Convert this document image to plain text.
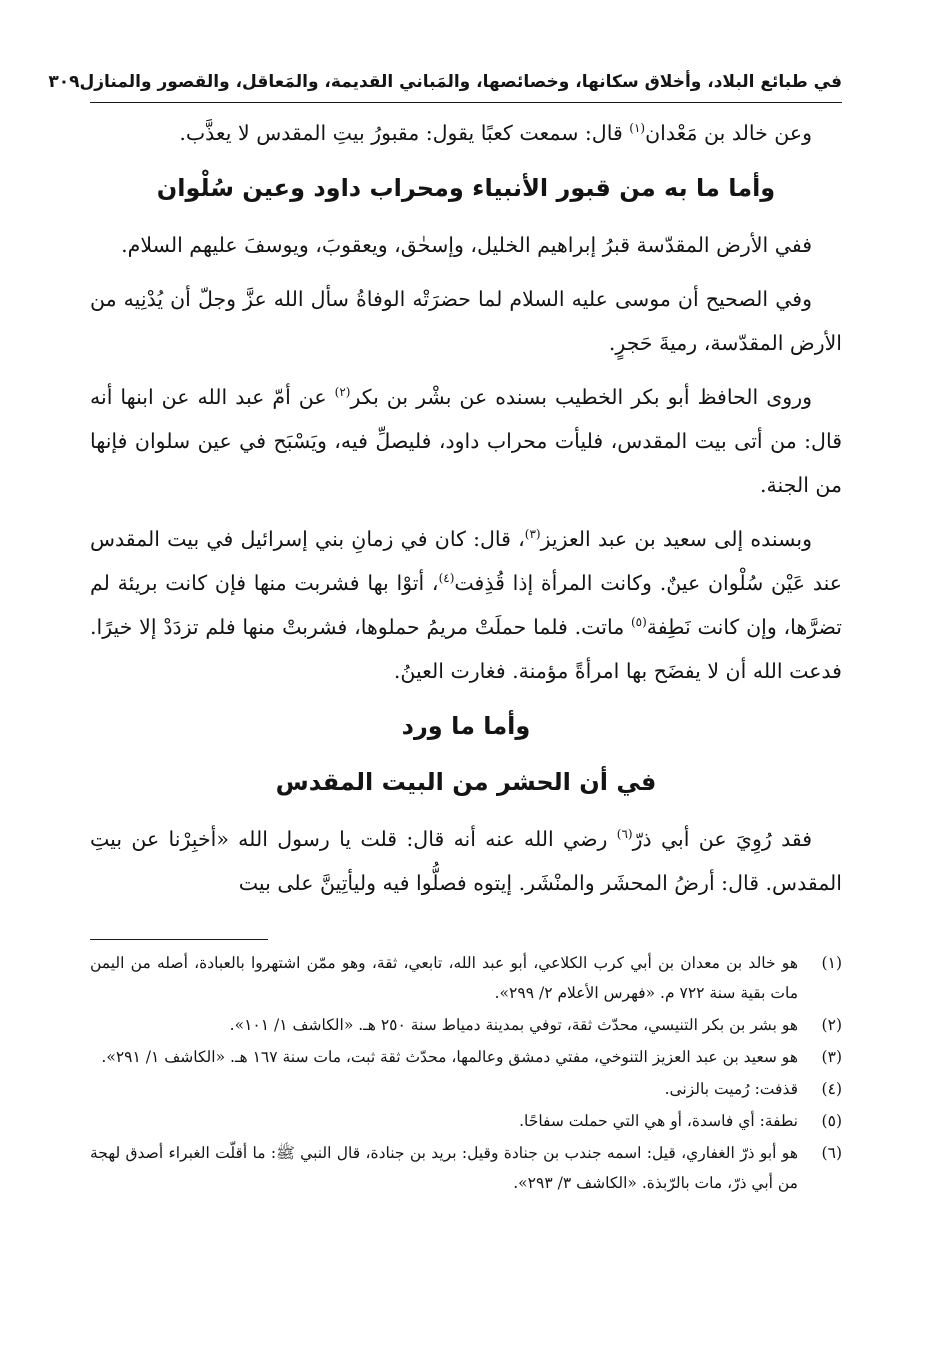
في طبائع البلاد، وأخلاق سكانها، وخصائصها، والمَباني القديمة، والمَعاقل، والقصور والمنازل
٣٠٩

وعن خالد بن مَعْدان$^{(١)}$ قال: سمعت كعبًا يقول: مقبورُ بيتِ المقدس لا يعذَّب.

وأما ما به من قبور الأنبياء ومحراب داود وعين سُلْوان

ففي الأرض المقدّسة قبرُ إبراهيم الخليل، وإسحٰق، ويعقوبَ، ويوسفَ عليهم السلام.

وفي الصحيح أن موسى عليه السلام لما حضرَتْه الوفاةُ سأل الله عزَّ وجلّ أن يُدْنِيه من الأرض المقدّسة، رميةَ حَجرٍ.

وروى الحافظ أبو بكر الخطيب بسنده عن بشْر بن بكر$^{(٢)}$ عن أمّ عبد الله عن ابنها أنه قال: من أتى بيت المقدس، فليأت محراب داود، فليصلِّ فيه، ويَسْبَح في عين سلوان فإنها من الجنة.

وبسنده إلى سعيد بن عبد العزيز$^{(٣)}$، قال: كان في زمانِ بني إسرائيل في بيت المقدس عند عَيْن سُلْوان عينٌ. وكانت المرأة إذا قُذِفت$^{(٤)}$، أتوْا بها فشربت منها فإن كانت بريئة لم تضرَّها، وإن كانت نَطِفة$^{(٥)}$ ماتت. فلما حملَتْ مريمُ حملوها، فشربتْ منها فلم تزدَدْ إلا خيرًا. فدعت الله أن لا يفضَح بها امرأةً مؤمنة. فغارت العينُ.

وأما ما ورد
في أن الحشر من البيت المقدس

فقد رُوِيَ عن أبي ذرّ$^{(٦)}$ رضي الله عنه أنه قال: قلت يا رسول الله «أخبِرْنا عن بيتِ المقدس. قال: أرضُ المحشَر والمنْشَر. إيتوه فصلُّوا فيه وليأتِينَّ على بيت

(١)
هو خالد بن معدان بن أبي كرب الكلاعي، أبو عبد الله، تابعي، ثقة، وهو ممّن اشتهروا بالعبادة، أصله من اليمن مات بقية سنة ٧٢٢ م. «فهرس الأعلام ٢/ ٢٩٩».
(٢)
هو بشر بن بكر التنيسي، محدّث ثقة، توفي بمدينة دمياط سنة ٢٥٠ هـ. «الكاشف ١/ ١٠١».
(٣)
هو سعيد بن عبد العزيز التنوخي، مفتي دمشق وعالمها، محدّث ثقة ثبت، مات سنة ١٦٧ هـ. «الكاشف ١/ ٢٩١».
(٤)
قذفت: رُميت بالزنى.
(٥)
نطفة: أي فاسدة، أو هي التي حملت سفاحًا.
(٦)
هو أبو ذرّ الغفاري، قيل: اسمه جندب بن جنادة وقيل: بريد بن جنادة، قال النبي ﷺ: ما أقلّت الغبراء أصدق لهجة من أبي ذرّ، مات بالرّبذة. «الكاشف ٣/ ٢٩٣».
